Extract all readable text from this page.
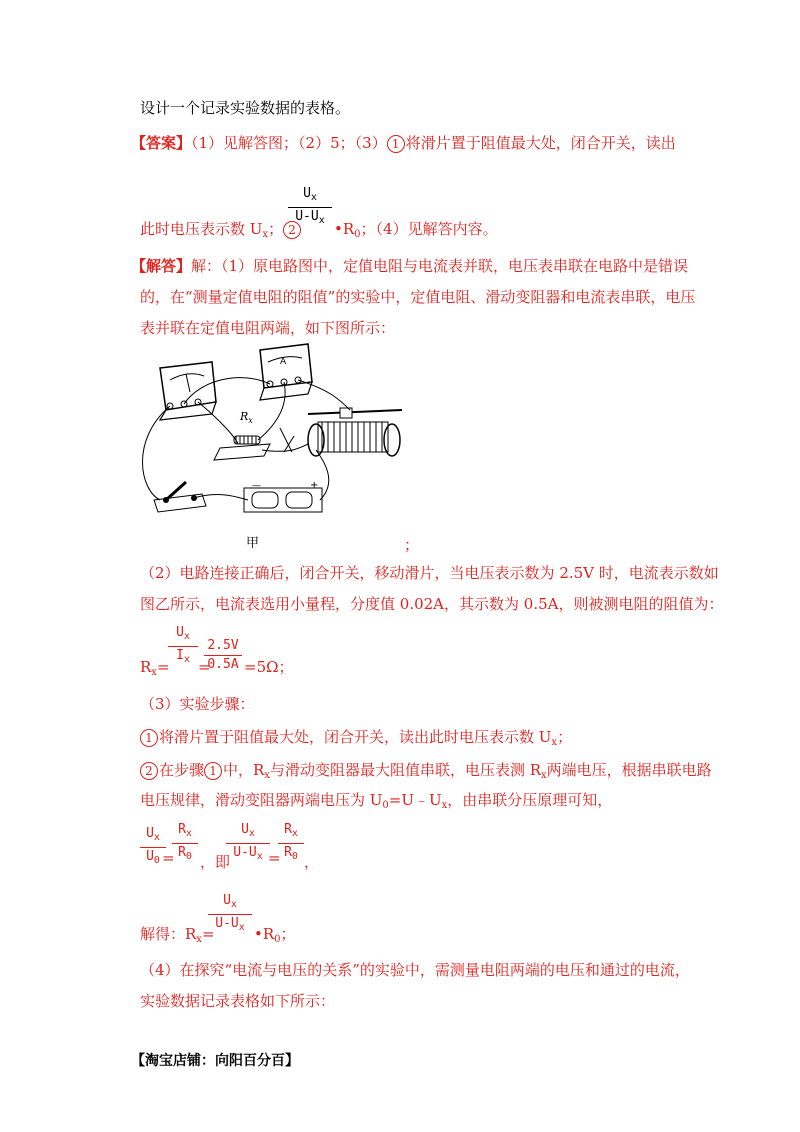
设计一个记录实验数据的表格。
【答案】（1）见解答图；（2）5；（3） 1 将滑片置于阻值最大处，闭合开关，读出
$U_x$
$U-U_x$
此时电压表示数 $U_x$； 2	$•R_0$；（4）见解答内容。
【解答】解：（1）原电路图中，定值电阻与电流表并联，电压表串联在电路中是错误
的，在“测量定值电阻的阻值”的实验中，定值电阻、滑动变阻器和电流表串联，电压
表并联在定值电阻两端，如下图所示：
A
$R_x$
—	+
甲	；
（2）电路连接正确后，闭合开关，移动滑片，当电压表示数为 2.5V 时，电流表示数如
图乙所示，电流表选用小量程，分度值 0.02A，其示数为 0.5A，则被测电阻的阻值为：
$R_x=$
$U_x$
$I_x$ =
2.5V
0.5A =5Ω；
（3）实验步骤：
1 将滑片置于阻值最大处，闭合开关，读出此时电压表示数 $U_x$；
2 在步骤 1 中，$R_x$与滑动变阻器最大阻值串联，电压表测 $R_x$两端电压，根据串联电路
电压规律，滑动变阻器两端电压为 $U_0=U﹣U_x$，由串联分压原理可知，
$U_x$
$U_0$ =
$R_x$
$R_0$ ，即
$U_x$
$U-U_x$ =
$R_x$
$R_0$ ，
解得：$R_x=$
$U_x$
$U-U_x$ $•R_0$；
（4）在探究“电流与电压的关系”的实验中，需测量电阻两端的电压和通过的电流，
实验数据记录表格如下所示：
【淘宝店铺：向阳百分百】
